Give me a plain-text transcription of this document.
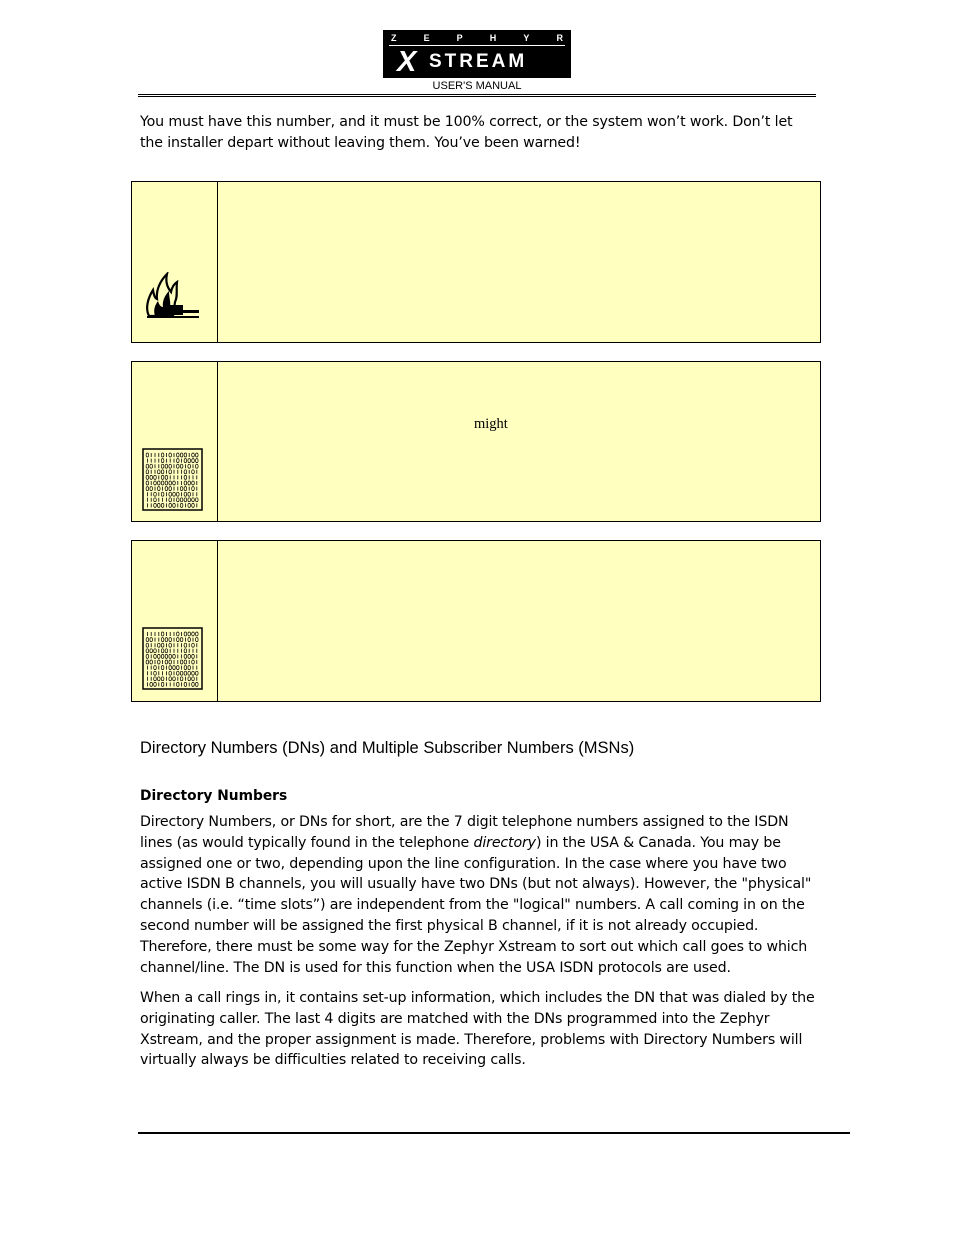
Z	E	P	H	Y	R
X STREAM
USER'S MANUAL
You must have this number, and it must be 100% correct, or the system won’t work. Don’t let
the installer depart without leaving them. You’ve been warned!
might
Directory Numbers (DNs) and Multiple Subscriber Numbers (MSNs)
Directory Numbers
Directory Numbers, or DNs for short, are the 7 digit telephone numbers assigned to the ISDN
lines (as would typically found in the telephone directory) in the USA & Canada. You may be
assigned one or two, depending upon the line configuration. In the case where you have two
active ISDN B channels, you will usually have two DNs (but not always). However, the "physical"
channels (i.e. “time slots”) are independent from the "logical" numbers. A call coming in on the
second number will be assigned the first physical B channel, if it is not already occupied.
Therefore, there must be some way for the Zephyr Xstream to sort out which call goes to which
channel/line. The DN is used for this function when the USA ISDN protocols are used.
When a call rings in, it contains set-up information, which includes the DN that was dialed by the
originating caller. The last 4 digits are matched with the DNs programmed into the Zephyr
Xstream, and the proper assignment is made. Therefore, problems with Directory Numbers will
virtually always be difficulties related to receiving calls.
